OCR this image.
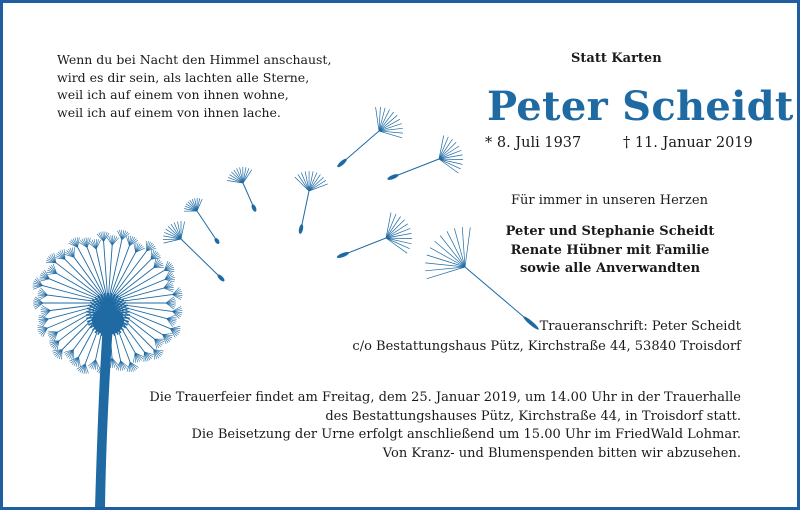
Wenn du bei Nacht den Himmel anschaust,
wird es dir sein, als lachten alle Sterne,
weil ich auf einem von ihnen wohne,
weil ich auf einem von ihnen lache.
Statt Karten
Peter Scheidt
* 8. Juli 1937	† 11. Januar 2019
Für immer in unseren Herzen
Peter und Stephanie Scheidt
Renate Hübner mit Familie
sowie alle Anverwandten
Traueranschrift: Peter Scheidt
c/o Bestattungshaus Pütz, Kirchstraße 44, 53840 Troisdorf
Die Trauerfeier findet am Freitag, dem 25. Januar 2019, um 14.00 Uhr in der Trauerhalle
des Bestattungshauses Pütz, Kirchstraße 44, in Troisdorf statt.
Die Beisetzung der Urne erfolgt anschließend um 15.00 Uhr im FriedWald Lohmar.
Von Kranz- und Blumenspenden bitten wir abzusehen.
